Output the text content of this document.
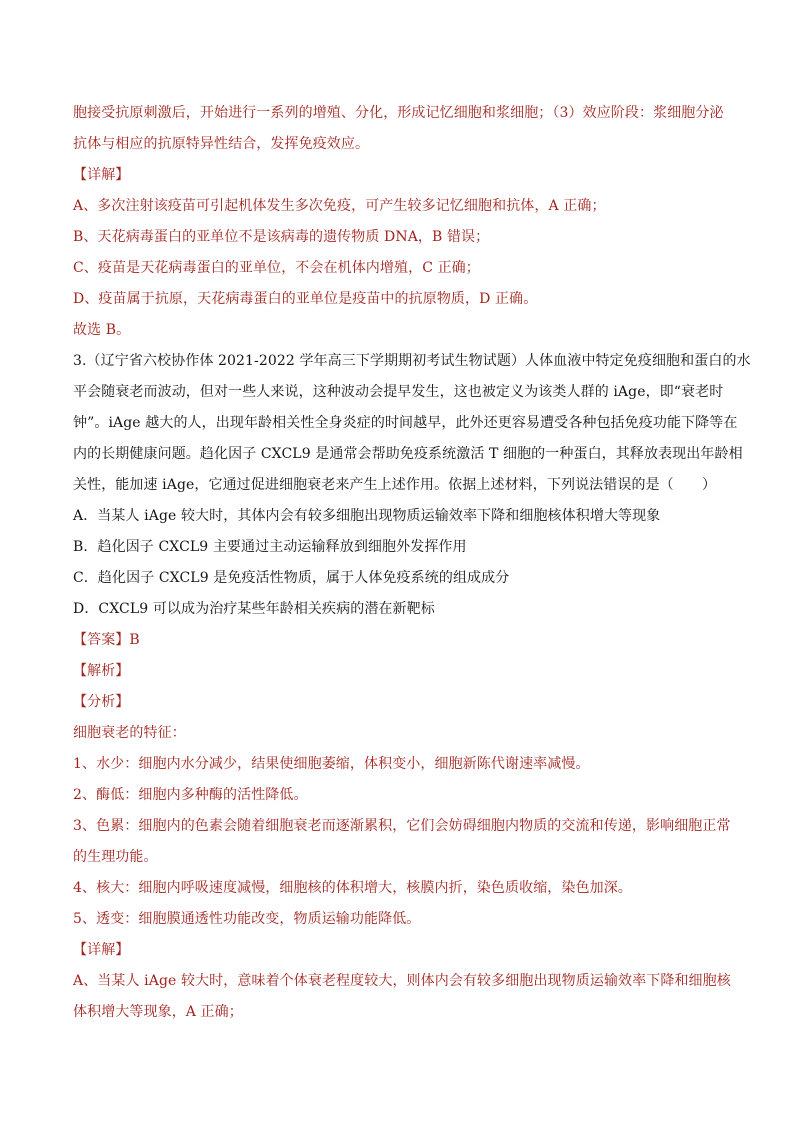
胞接受抗原刺激后，开始进行一系列的增殖、分化，形成记忆细胞和浆细胞；（3）效应阶段：浆细胞分泌
抗体与相应的抗原特异性结合，发挥免疫效应。
【详解】
A、多次注射该疫苗可引起机体发生多次免疫，可产生较多记忆细胞和抗体，A 正确；
B、天花病毒蛋白的亚单位不是该病毒的遗传物质 DNA，B 错误；
C、疫苗是天花病毒蛋白的亚单位，不会在机体内增殖，C 正确；
D、疫苗属于抗原，天花病毒蛋白的亚单位是疫苗中的抗原物质，D 正确。
故选 B。
3.（辽宁省六校协作体 2021-2022 学年高三下学期期初考试生物试题）人体血液中特定免疫细胞和蛋白的水
平会随衰老而波动，但对一些人来说，这种波动会提早发生，这也被定义为该类人群的 iAge，即“衰老时
钟”。iAge 越大的人，出现年龄相关性全身炎症的时间越早，此外还更容易遭受各种包括免疫功能下降等在
内的长期健康问题。趋化因子 CXCL9 是通常会帮助免疫系统激活 T 细胞的一种蛋白，其释放表现出年龄相
关性，能加速 iAge，它通过促进细胞衰老来产生上述作用。依据上述材料，下列说法错误的是（　　）
A．当某人 iAge 较大时，其体内会有较多细胞出现物质运输效率下降和细胞核体积增大等现象
B．趋化因子 CXCL9 主要通过主动运输释放到细胞外发挥作用
C．趋化因子 CXCL9 是免疫活性物质，属于人体免疫系统的组成成分
D．CXCL9 可以成为治疗某些年龄相关疾病的潜在新靶标
【答案】B
【解析】
【分析】
细胞衰老的特征：
1、水少：细胞内水分减少，结果使细胞萎缩，体积变小，细胞新陈代谢速率减慢。
2、酶低：细胞内多种酶的活性降低。
3、色累：细胞内的色素会随着细胞衰老而逐渐累积，它们会妨碍细胞内物质的交流和传递，影响细胞正常
的生理功能。
4、核大：细胞内呼吸速度减慢，细胞核的体积增大，核膜内折，染色质收缩，染色加深。
5、透变：细胞膜通透性功能改变，物质运输功能降低。
【详解】
A、当某人 iAge 较大时，意味着个体衰老程度较大，则体内会有较多细胞出现物质运输效率下降和细胞核
体积增大等现象，A 正确；
